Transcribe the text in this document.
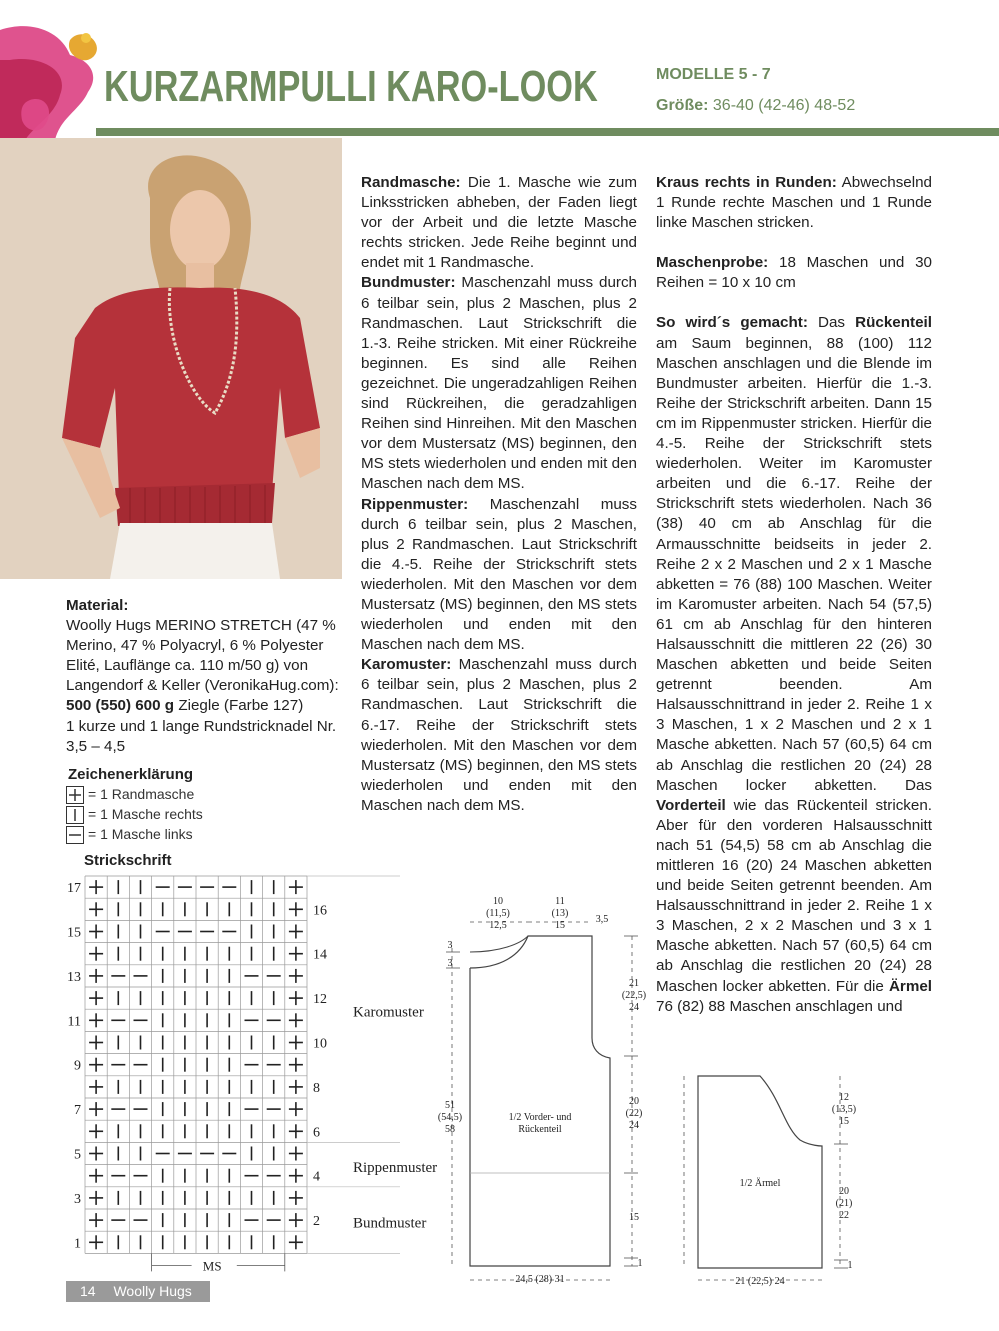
KURZARMPULLI KARO-LOOK	MODELLE 5 - 7
Größe: 36-40 (42-46) 48-52

Material:

Woolly Hugs MERINO STRETCH (47 % Merino, 47 % Polyacryl, 6 % Polyester Elité, Lauflänge ca. 110 m/50 g) von Langendorf & Keller (VeronikaHug.com):

500 (550) 600 g Ziegle (Farbe 127)

1 kurze und 1 lange Rundstricknadel Nr. 3,5 – 4,5

Zeichenerklärung
= 1 Randmasche
= 1 Masche rechts
= 1 Masche links
Strickschrift
17
15
13
11
9
7
5
3
1
16
14
12
10
8
6
4
2
Karomuster
Rippenmuster
Bundmuster
MS

Randmasche: Die 1. Masche wie zum Linksstricken abheben, der Faden liegt vor der Arbeit und die letzte Masche rechts stricken. Jede Reihe beginnt und endet mit 1 Randmasche.

Bundmuster: Maschenzahl muss durch 6 teilbar sein, plus 2 Maschen, plus 2 Randmaschen. Laut Strickschrift die 1.-3. Reihe stricken. Mit einer Rückreihe beginnen. Es sind alle Reihen gezeichnet. Die ungeradzahligen Reihen sind Rückreihen, die geradzahligen Reihen sind Hinreihen. Mit den Maschen vor dem Mustersatz (MS) beginnen, den MS stets wiederholen und enden mit den Maschen nach dem MS.

Rippenmuster: Maschenzahl muss durch 6 teilbar sein, plus 2 Maschen, plus 2 Randmaschen. Laut Strickschrift die 4.-5. Reihe der Strickschrift stets wiederholen. Mit den Maschen vor dem Mustersatz (MS) beginnen, den MS stets wiederholen und enden mit den Maschen nach dem MS.

Karomuster: Maschenzahl muss durch 6 teilbar sein, plus 2 Maschen, plus 2 Randmaschen. Laut Strickschrift die 6.-17. Reihe der Strickschrift stets wiederholen. Mit den Maschen vor dem Mustersatz (MS) beginnen, den MS stets wiederholen und enden mit den Maschen nach dem MS.

Kraus rechts in Runden: Abwechselnd 1 Runde rechte Maschen und 1 Runde linke Maschen stricken.

Maschenprobe: 18 Maschen und 30 Reihen = 10 x 10 cm

So wird´s gemacht: Das Rückenteil am Saum beginnen, 88 (100) 112 Maschen anschlagen und die Blende im Bundmuster arbeiten. Hierfür die 1.-3. Reihe der Strickschrift arbeiten. Dann 15 cm im Rippenmuster stricken. Hierfür die 4.-5. Reihe der Strickschrift stets wiederholen. Weiter im Karomuster arbeiten und die 6.-17. Reihe der Strickschrift stets wiederholen. Nach 36 (38) 40 cm ab Anschlag für die Armausschnitte beidseits in jeder 2. Reihe 2 x 2 Maschen und 2 x 1 Masche abketten = 76 (88) 100 Maschen. Weiter im Karomuster arbeiten. Nach 54 (57,5) 61 cm ab Anschlag für den hinteren Halsausschnitt die mittleren 22 (26) 30 Maschen abketten und beide Seiten getrennt beenden. Am Halsausschnittrand in jeder 2. Reihe 1 x 3 Maschen, 1 x 2 Maschen und 2 x 1 Masche abketten. Nach 57 (60,5) 64 cm ab Anschlag die restlichen 20 (24) 28 Maschen locker abketten. Das Vorderteil wie das Rückenteil stricken. Aber für den vorderen Halsausschnitt nach 51 (54,5) 58 cm ab Anschlag die mittleren 16 (20) 24 Maschen abketten und beide Seiten getrennt beenden. Am Halsausschnittrand in jeder 2. Reihe 1 x 3 Maschen, 2 x 2 Maschen und 3 x 1 Masche abketten. Nach 57 (60,5) 64 cm ab Anschlag die restlichen 20 (24) 28 Maschen locker abketten. Für die Ärmel 76 (82) 88 Maschen anschlagen und

10
(11,5)
12,5
11
(13)
15
3,5
3
3
21
(22,5)
24
20
(22)
24
15
1
51
(54,5)
58
1/2 Vorder- und
Rückenteil
24,5 (28) 31
12
(13,5)
15
20
(21)
22
1
1/2 Ärmel
21 (22,5) 24
14 Woolly Hugs
